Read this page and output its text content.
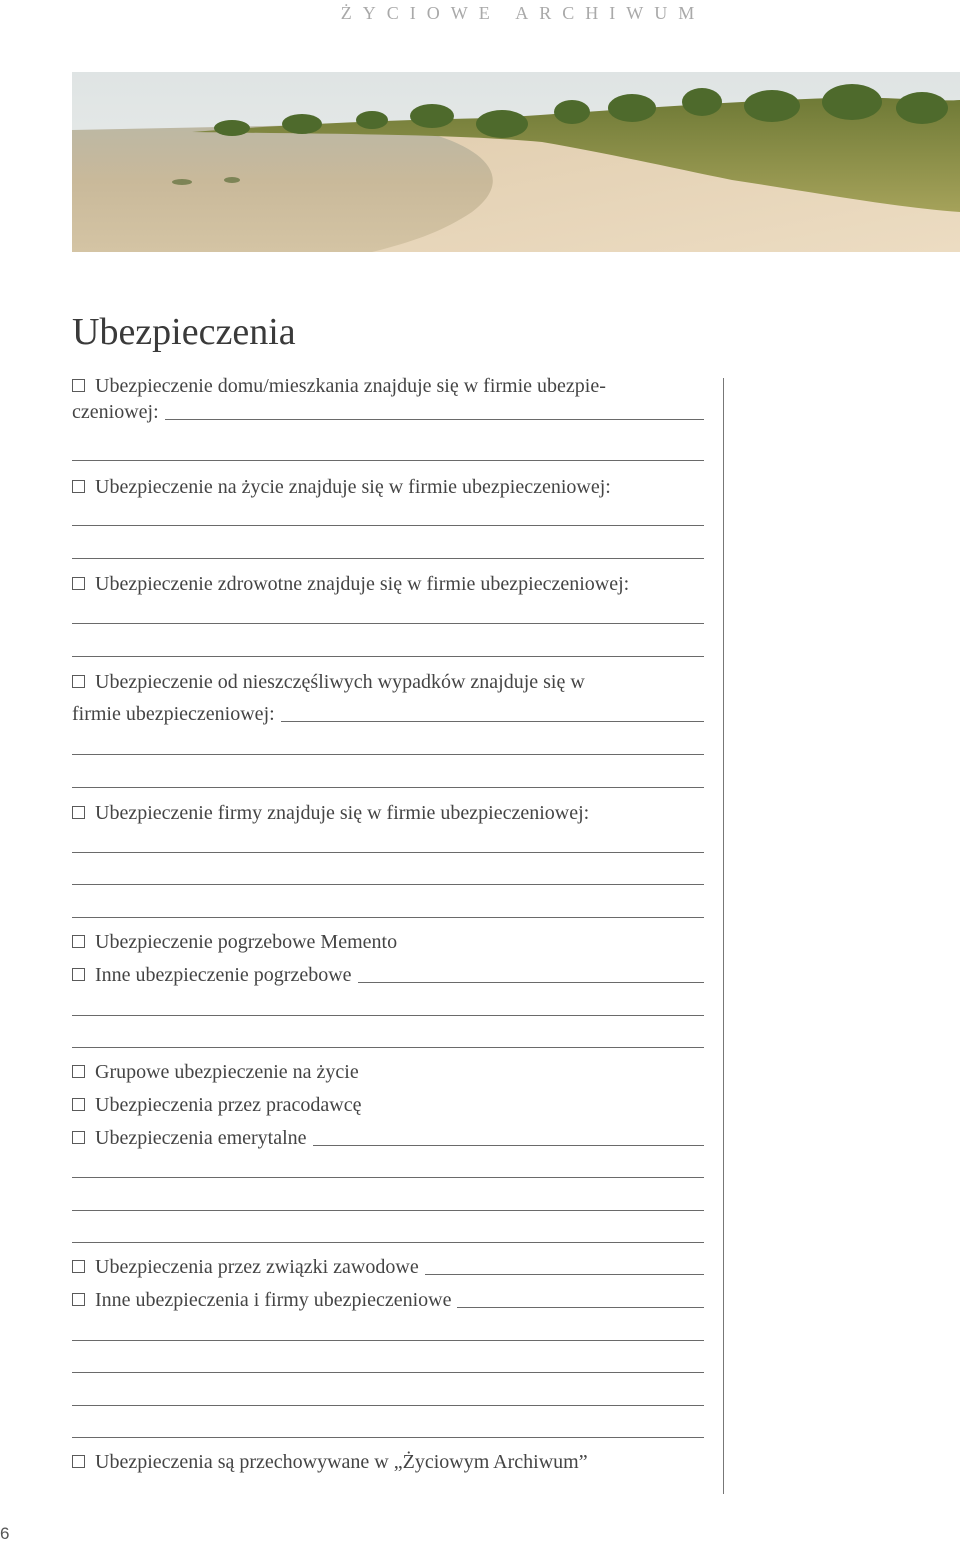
ŻYCIOWE ARCHIWUM
Ubezpieczenia
Ubezpieczenie domu/mieszkania znajduje się w firmie ubezpie-
czeniowej:
Ubezpieczenie na życie znajduje się w firmie ubezpieczeniowej:
Ubezpieczenie zdrowotne znajduje się w firmie ubezpieczeniowej:
Ubezpieczenie od nieszczęśliwych wypadków znajduje się w
firmie ubezpieczeniowej:
Ubezpieczenie firmy znajduje się w firmie ubezpieczeniowej:
Ubezpieczenie pogrzebowe Memento
Inne ubezpieczenie pogrzebowe
Grupowe ubezpieczenie na życie
Ubezpieczenia przez pracodawcę
Ubezpieczenia emerytalne
Ubezpieczenia przez związki zawodowe
Inne ubezpieczenia i firmy ubezpieczeniowe
Ubezpieczenia są przechowywane w „Życiowym Archiwum”
6
